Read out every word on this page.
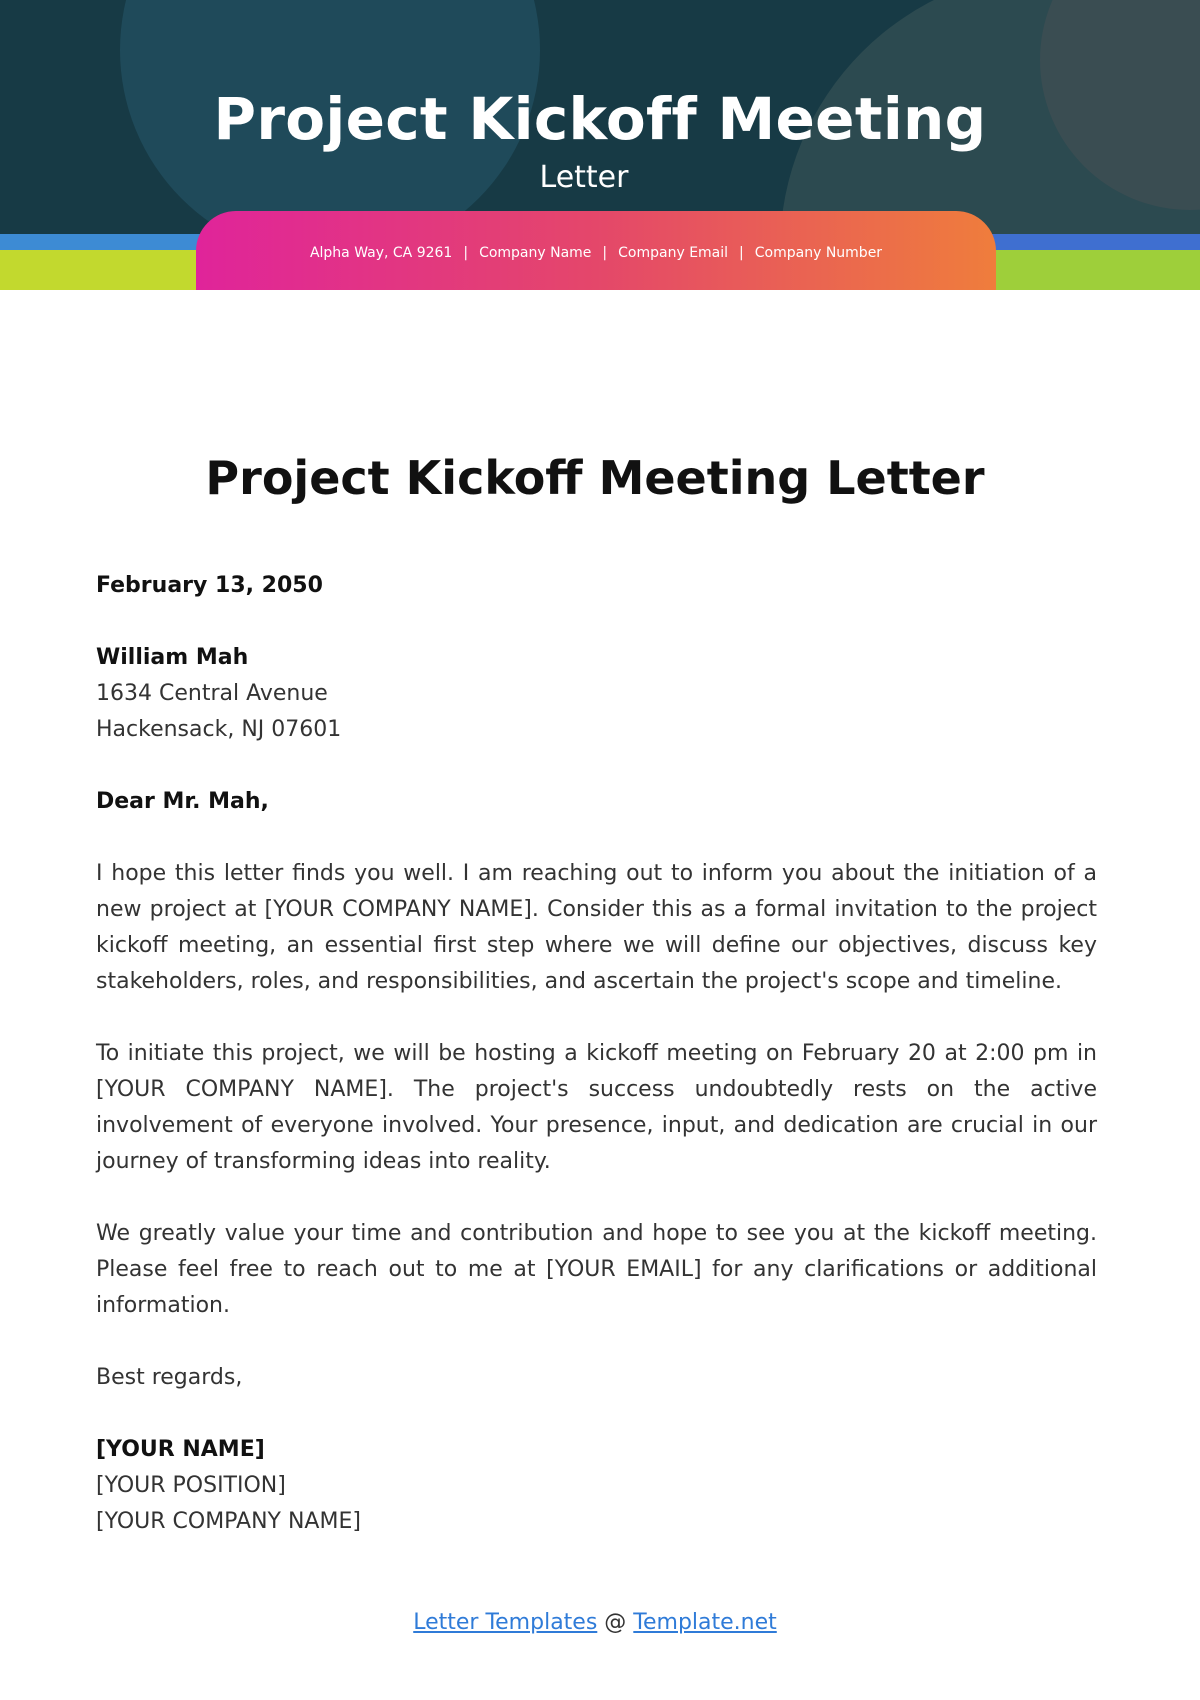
Project Kickoff Meeting
Letter
Alpha Way, CA 9261 | Company Name | Company Email | Company Number
Project Kickoff Meeting Letter

February 13, 2050

William Mah

1634 Central Avenue

Hackensack, NJ 07601

Dear Mr. Mah,

I hope this letter finds you well. I am reaching out to inform you about the initiation of a new project at [YOUR COMPANY NAME]. Consider this as a formal invitation to the project kickoff meeting, an essential first step where we will define our objectives, discuss key stakeholders, roles, and responsibilities, and ascertain the project's scope and timeline.

To initiate this project, we will be hosting a kickoff meeting on February 20 at 2:00 pm in [YOUR COMPANY NAME]. The project's success undoubtedly rests on the active involvement of everyone involved. Your presence, input, and dedication are crucial in our journey of transforming ideas into reality.

We greatly value your time and contribution and hope to see you at the kickoff meeting. Please feel free to reach out to me at [YOUR EMAIL] for any clarifications or additional information.

Best regards,

[YOUR NAME]

[YOUR POSITION]

[YOUR COMPANY NAME]

Letter Templates @ Template.net
